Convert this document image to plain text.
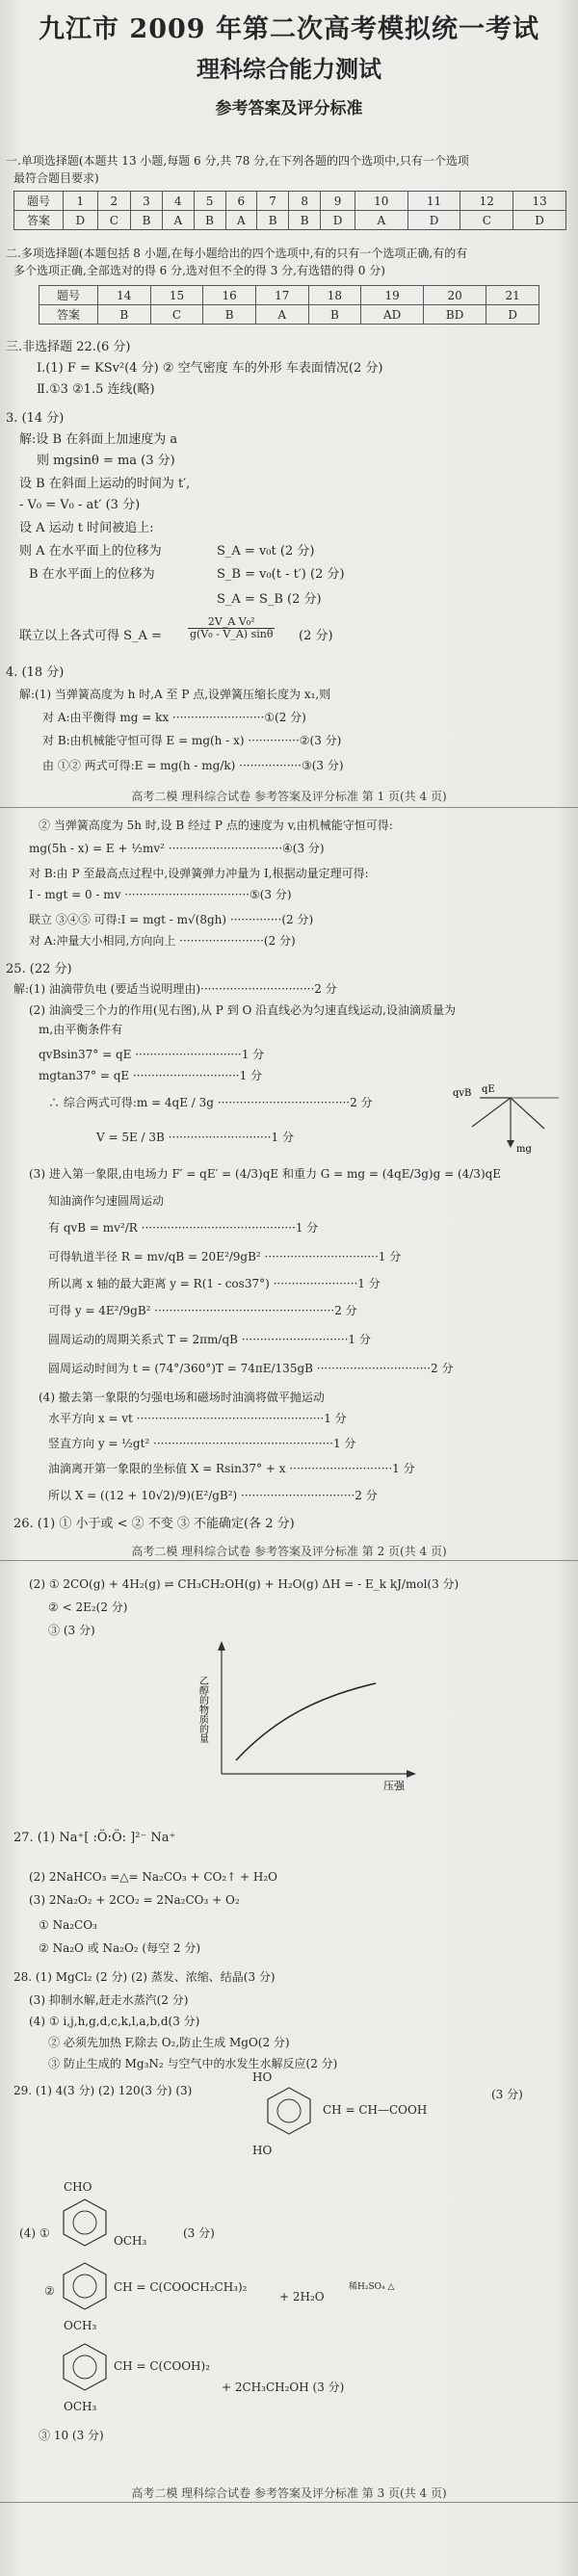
九江市 2009 年第二次高考模拟统一考试
理科综合能力测试
参考答案及评分标准
一.单项选择题(本题共 13 小题,每题 6 分,共 78 分,在下列各题的四个选项中,只有一个选项
最符合题目要求)
题号	1	2	3	4	5	6	7	8	9	10	11	12	13
答案	D	C	B	A	B	A	B	B	D	A	D	C	D
二.多项选择题(本题包括 8 小题,在每小题给出的四个选项中,有的只有一个选项正确,有的有
多个选项正确,全部选对的得 6 分,选对但不全的得 3 分,有选错的得 0 分)
题号	14	15	16	17	18	19	20	21
答案	B	C	B	A	B	AD	BD	D
三.非选择题 22.(6 分)
Ⅰ.(1) F = KSv²(4 分) ② 空气密度 车的外形 车表面情况(2 分)
Ⅱ.①3 ②1.5 连线(略)
3. (14 分)
解:设 B 在斜面上加速度为 a
则 mgsinθ = ma (3 分)
设 B 在斜面上运动的时间为 t′,
- V₀ = V₀ - at′ (3 分)
设 A 运动 t 时间被追上:
则 A 在水平面上的位移为	S_A = v₀t (2 分)
B 在水平面上的位移为	S_B = v₀(t - t′) (2 分)
S_A = S_B (2 分)
联立以上各式可得 S_A = $\frac{\text{2V\_A V₀²}}{\text{g(V₀ - V\_A) sinθ}} (2$ 分)
4. (18 分)
解:(1) 当弹簧高度为 h 时,A 至 P 点,设弹簧压缩长度为 x₁,则
对 A:由平衡得 mg = kx ·························①(2 分)
对 B:由机械能守恒可得 E = mg(h - x) ··············②(3 分)
由 ①② 两式可得:E = mg(h - mg/k) ·················③(3 分)
高考二模 理科综合试卷 参考答案及评分标准 第 1 页(共 4 页)
② 当弹簧高度为 5h 时,设 B 经过 P 点的速度为 v,由机械能守恒可得:
mg(5h - x) = E + ½mv² ·······························④(3 分)
对 B:由 P 至最高点过程中,设弹簧弹力冲量为 I,根据动量定理可得:
I - mgt = 0 - mv ··································⑤(3 分)
联立 ③④⑤ 可得:I = mgt - m√(8gh) ··············(2 分)
对 A:冲量大小相同,方向向上 ·······················(2 分)
25. (22 分)
解:(1) 油滴带负电 (要适当说明理由)·······························2 分
(2) 油滴受三个力的作用(见右图),从 P 到 O 沿直线必为匀速直线运动,设油滴质量为
m,由平衡条件有
qvBsin37° = qE ·····························1 分
mgtan37° = qE ·····························1 分
∴ 综合两式可得:m = 4qE / 3g ····································2 分
V = 5E / 3B ····························1 分
qvB qE
mg
(3) 进入第一象限,由电场力 F′ = qE′ = (4/3)qE 和重力 G = mg = (4qE/3g)g = (4/3)qE
知油滴作匀速圆周运动
有 qvB = mv²/R ··········································1 分
可得轨道半径 R = mv/qB = 20E²/9gB² ·······························1 分
所以离 x 轴的最大距离 y = R(1 - cos37°) ·······················1 分
可得 y = 4E²/9gB² ·················································2 分
圆周运动的周期关系式 T = 2πm/qB ·····························1 分
圆周运动时间为 t = (74°/360°)T = 74πE/135gB ·······························2 分
(4) 撤去第一象限的匀强电场和磁场时油滴将做平抛运动
水平方向 x = vt ···················································1 分
竖直方向 y = ½gt² ·················································1 分
油滴离开第一象限的坐标值 X = Rsin37° + x ····························1 分
所以 X = ((12 + 10√2)/9)(E²/gB²) ·······························2 分
26. (1) ① 小于或 < ② 不变 ③ 不能确定(各 2 分)
高考二模 理科综合试卷 参考答案及评分标准 第 2 页(共 4 页)
(2) ① 2CO(g) + 4H₂(g) ⇌ CH₃CH₂OH(g) + H₂O(g) ΔH = - E_k kJ/mol(3 分)
② < 2E₂(2 分)
③ (3 分)
乙醇的物质的量
压强
27. (1) Na⁺[ :Ö:Ö: ]²⁻ Na⁺
(2) 2NaHCO₃ =△= Na₂CO₃ + CO₂↑ + H₂O
(3) 2Na₂O₂ + 2CO₂ = 2Na₂CO₃ + O₂
① Na₂CO₃
② Na₂O 或 Na₂O₂ (每空 2 分)
28. (1) MgCl₂ (2 分) (2) 蒸发、浓缩、结晶(3 分)
(3) 抑制水解,赶走水蒸汽(2 分)
(4) ① i,j,h,g,d,c,k,l,a,b,d(3 分)
② 必须先加热 F,除去 O₂,防止生成 MgO(2 分)
③ 防止生成的 Mg₃N₂ 与空气中的水发生水解反应(2 分)
29. (1) 4(3 分) (2) 120(3 分) (3)
HO
CH = CH—COOH
(3 分)
HO
CHO
(4) ①
OCH₃
(3 分)
②	CH = C(COOCH₂CH₃)₂
+ 2H₂O
稀H₂SO₄ △
OCH₃
CH = C(COOH)₂
+ 2CH₃CH₂OH (3 分)
OCH₃
③ 10 (3 分)
高考二模 理科综合试卷 参考答案及评分标准 第 3 页(共 4 页)
